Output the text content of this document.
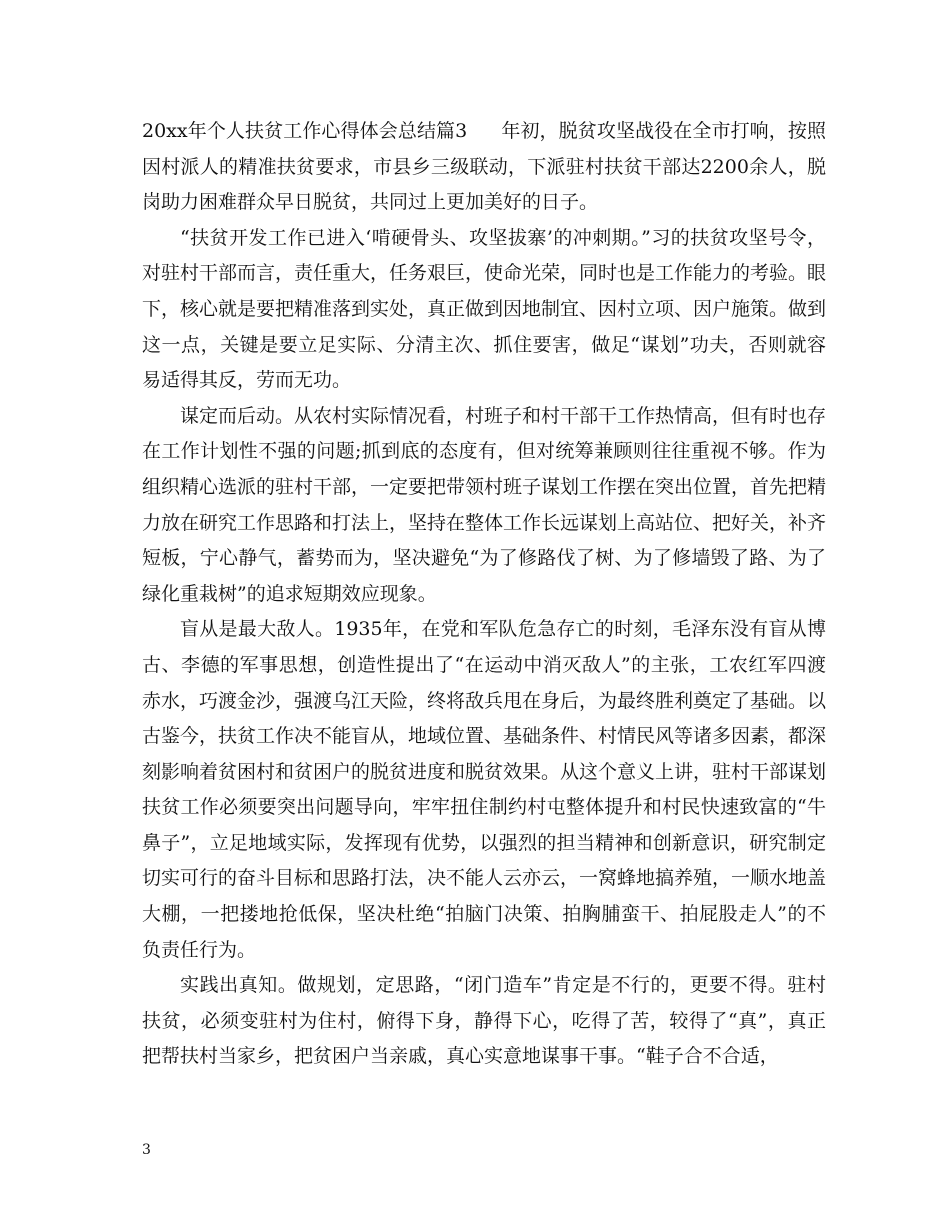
20xx年个人扶贫工作心得体会总结篇3 年初，脱贫攻坚战役在全市打响，按照因村派人的精准扶贫要求，市县乡三级联动，下派驻村扶贫干部达2200余人，脱岗助力困难群众早日脱贫，共同过上更加美好的日子。

“扶贫开发工作已进入‘啃硬骨头、攻坚拔寨’的冲刺期。”习的扶贫攻坚号令，对驻村干部而言，责任重大，任务艰巨，使命光荣，同时也是工作能力的考验。眼下，核心就是要把精准落到实处，真正做到因地制宜、因村立项、因户施策。做到这一点，关键是要立足实际、分清主次、抓住要害，做足“谋划”功夫，否则就容易适得其反，劳而无功。

谋定而后动。从农村实际情况看，村班子和村干部干工作热情高，但有时也存在工作计划性不强的问题;抓到底的态度有，但对统筹兼顾则往往重视不够。作为组织精心选派的驻村干部，一定要把带领村班子谋划工作摆在突出位置，首先把精力放在研究工作思路和打法上，坚持在整体工作长远谋划上高站位、把好关，补齐短板，宁心静气，蓄势而为，坚决避免“为了修路伐了树、为了修墙毁了路、为了绿化重栽树”的追求短期效应现象。

盲从是最大敌人。1935年，在党和军队危急存亡的时刻，毛泽东没有盲从博古、李德的军事思想，创造性提出了“在运动中消灭敌人”的主张，工农红军四渡赤水，巧渡金沙，强渡乌江天险，终将敌兵甩在身后，为最终胜利奠定了基础。以古鉴今，扶贫工作决不能盲从，地域位置、基础条件、村情民风等诸多因素，都深刻影响着贫困村和贫困户的脱贫进度和脱贫效果。从这个意义上讲，驻村干部谋划扶贫工作必须要突出问题导向，牢牢扭住制约村屯整体提升和村民快速致富的“牛鼻子”，立足地域实际，发挥现有优势，以强烈的担当精神和创新意识，研究制定切实可行的奋斗目标和思路打法，决不能人云亦云，一窝蜂地搞养殖，一顺水地盖大棚，一把搂地抢低保，坚决杜绝“拍脑门决策、拍胸脯蛮干、拍屁股走人”的不负责任行为。

实践出真知。做规划，定思路，“闭门造车”肯定是不行的，更要不得。驻村扶贫，必须变驻村为住村，俯得下身，静得下心，吃得了苦，较得了“真”，真正把帮扶村当家乡，把贫困户当亲戚，真心实意地谋事干事。“鞋子合不合适，

3
